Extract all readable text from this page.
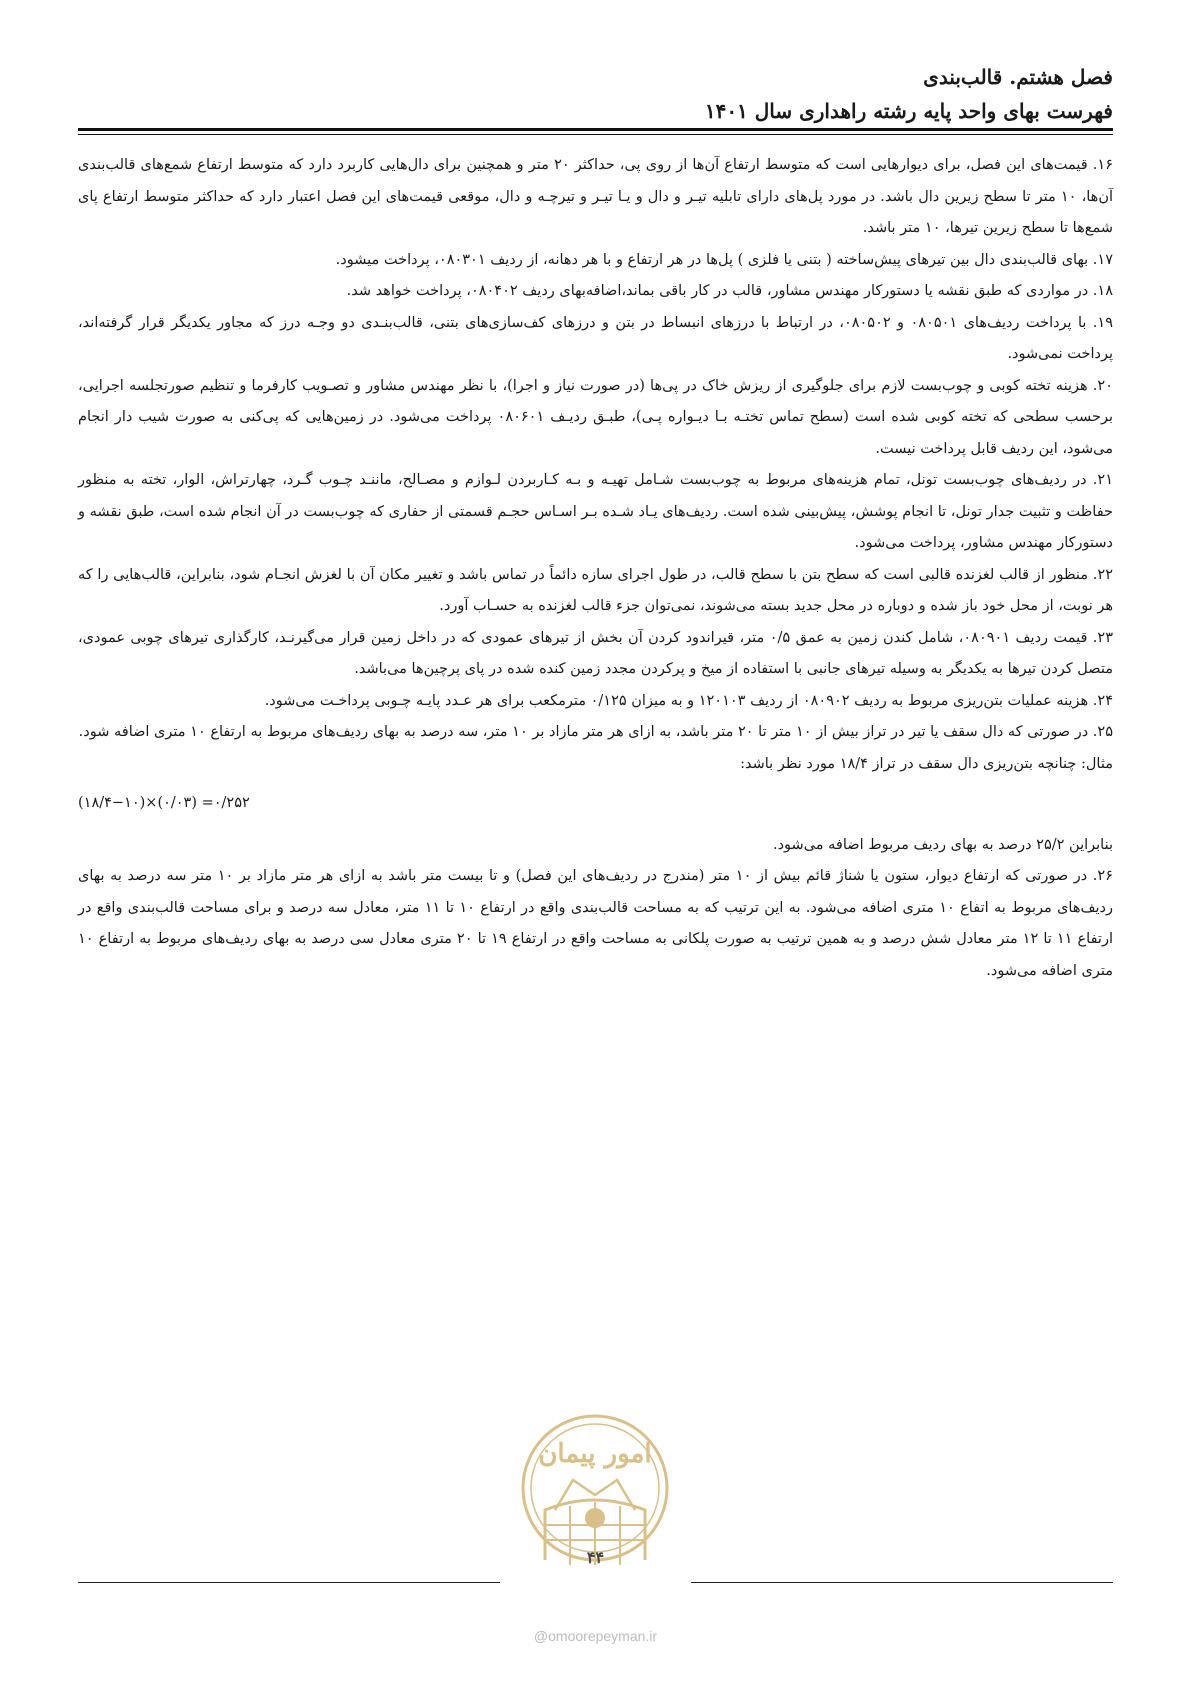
فصل هشتم. قالب‌بندی
فهرست بهای واحد پایه رشته راهداری سال ۱۴۰۱

۱۶. قیمت‌های این فصل، برای دیوارهایی است که متوسط ارتفاع آن‌ها از روی پی، حداکثر ۲۰ متر و همچنین برای دال‌هایی کاربرد دارد که متوسط ارتفاع شمع‌های قالب‌بندی آن‌ها، ۱۰ متر تا سطح زیرین دال باشد. در مورد پل‌های دارای تابلیه تیـر و دال و یـا تیـر و تیرچـه و دال، موقعی قیمت‌های این فصل اعتبار دارد که حداکثر متوسط ارتفاع پای شمع‌ها تا سطح زیرین تیرها، ۱۰ متر باشد.

۱۷. بهای قالب‌بندی دال بین تیرهای پیش‌ساخته ( بتنی یا فلزی ) پل‌ها در هر ارتفاع و با هر دهانه، از ردیف ۰۸۰۳۰۱، پرداخت میشود.

۱۸. در مواردی که طبق نقشه یا دستورکار مهندس مشاور، قالب در کار باقی بماند،اضافه‌بهای ردیف ۰۸۰۴۰۲، پرداخت خواهد شد.

۱۹. با پرداخت ردیف‌های ۰۸۰۵۰۱ و ۰۸۰۵۰۲، در ارتباط با درزهای انبساط در بتن و درزهای کف‌سازی‌های بتنی، قالب‌بنـدی دو وجـه درز که مجاور یکدیگر قرار گرفته‌اند، پرداخت نمی‌شود.

۲۰. هزینه تخته کوبی و چوب‌بست لازم برای جلوگیری از ریزش خاک در پی‌ها (در صورت نیاز و اجرا)، با نظر مهندس مشاور و تصـویب کارفرما و تنظیم صورتجلسه اجرایی، برحسب سطحی که تخته کوبی شده است (سطح تماس تختـه بـا دیـواره پـی)، طبـق ردیـف ۰۸۰۶۰۱ پرداخت می‌شود. در زمین‌هایی که پی‌کنی به صورت شیب دار انجام می‌شود، این ردیف قابل پرداخت نیست.

۲۱. در ردیف‌های چوب‌بست تونل، تمام هزینه‌های مربوط به چوب‌بست شـامل تهیـه و بـه کـاربردن لـوازم و مصـالح، ماننـد چـوب گـرد، چهارتراش، الوار، تخته به منظور حفاظت و تثبیت جدار تونل، تا انجام پوشش، پیش‌بینی شده است. ردیف‌های یـاد شـده بـر اسـاس حجـم قسمتی از حفاری که چوب‌بست در آن انجام شده است، طبق نقشه و دستورکار مهندس مشاور، پرداخت می‌شود.

۲۲. منظور از قالب لغزنده قالبی است که سطح بتن با سطح قالب، در طول اجرای سازه دائماً در تماس باشد و تغییر مکان آن با لغزش انجـام شود، بنابراین، قالب‌هایی را که هر نوبت، از محل خود باز شده و دوباره در محل جدید بسته می‌شوند، نمی‌توان جزء قالب لغزنده به حسـاب آورد.

۲۳. قیمت ردیف ۰۸۰۹۰۱، شامل کندن زمین به عمق ۰/۵ متر، قیراندود کردن آن بخش از تیرهای عمودی که در داخل زمین قرار می‌گیرنـد، کارگذاری تیرهای چوبی عمودی، متصل کردن تیرها به یکدیگر به وسیله تیرهای جانبی با استفاده از میخ و پرکردن مجدد زمین کنده شده در پای پرچین‌ها می‌باشد.

۲۴. هزینه عملیات بتن‌ریزی مربوط به ردیف ۰۸۰۹۰۲ از ردیف ۱۲۰۱۰۳ و به میزان ۰/۱۲۵ مترمکعب برای هر عـدد پایـه چـوبی پرداخـت می‌شود.

۲۵. در صورتی که دال سقف یا تیر در تراز بیش از ۱۰ متر تا ۲۰ متر باشد، به ازای هر متر مازاد بر ۱۰ متر، سه درصد به بهای ردیف‌های مربوط به ارتفاع ۱۰ متری اضافه شود.

مثال: چنانچه بتن‌ریزی دال سقف در تراز ۱۸/۴ مورد نظر باشد:

(۱۸/۴−۱۰)×(۰/۰۳) =۰/۲۵۲

بنابراین ۲۵/۲ درصد به بهای ردیف مربوط اضافه می‌شود.

۲۶. در صورتی که ارتفاع دیوار، ستون یا شناژ قائم بیش از ۱۰ متر (مندرج در ردیف‌های این فصل) و تا بیست متر باشد به ازای هر متر مازاد بر ۱۰ متر سه درصد به بهای ردیف‌های مربوط به اتفاع ۱۰ متری اضافه می‌شود. به این ترتیب که به مساحت قالب‌بندی واقع در ارتفاع ۱۰ تا ۱۱ متر، معادل سه درصد و برای مساحت قالب‌بندی واقع در ارتفاع ۱۱ تا ۱۲ متر معادل شش درصد و به همین ترتیب به صورت پلکانی به مساحت واقع در ارتفاع ۱۹ تا ۲۰ متری معادل سی درصد به بهای ردیف‌های مربوط به ارتفاع ۱۰ متری اضافه می‌شود.

امور پیمان
۴۴
@omoorepeyman.ir
